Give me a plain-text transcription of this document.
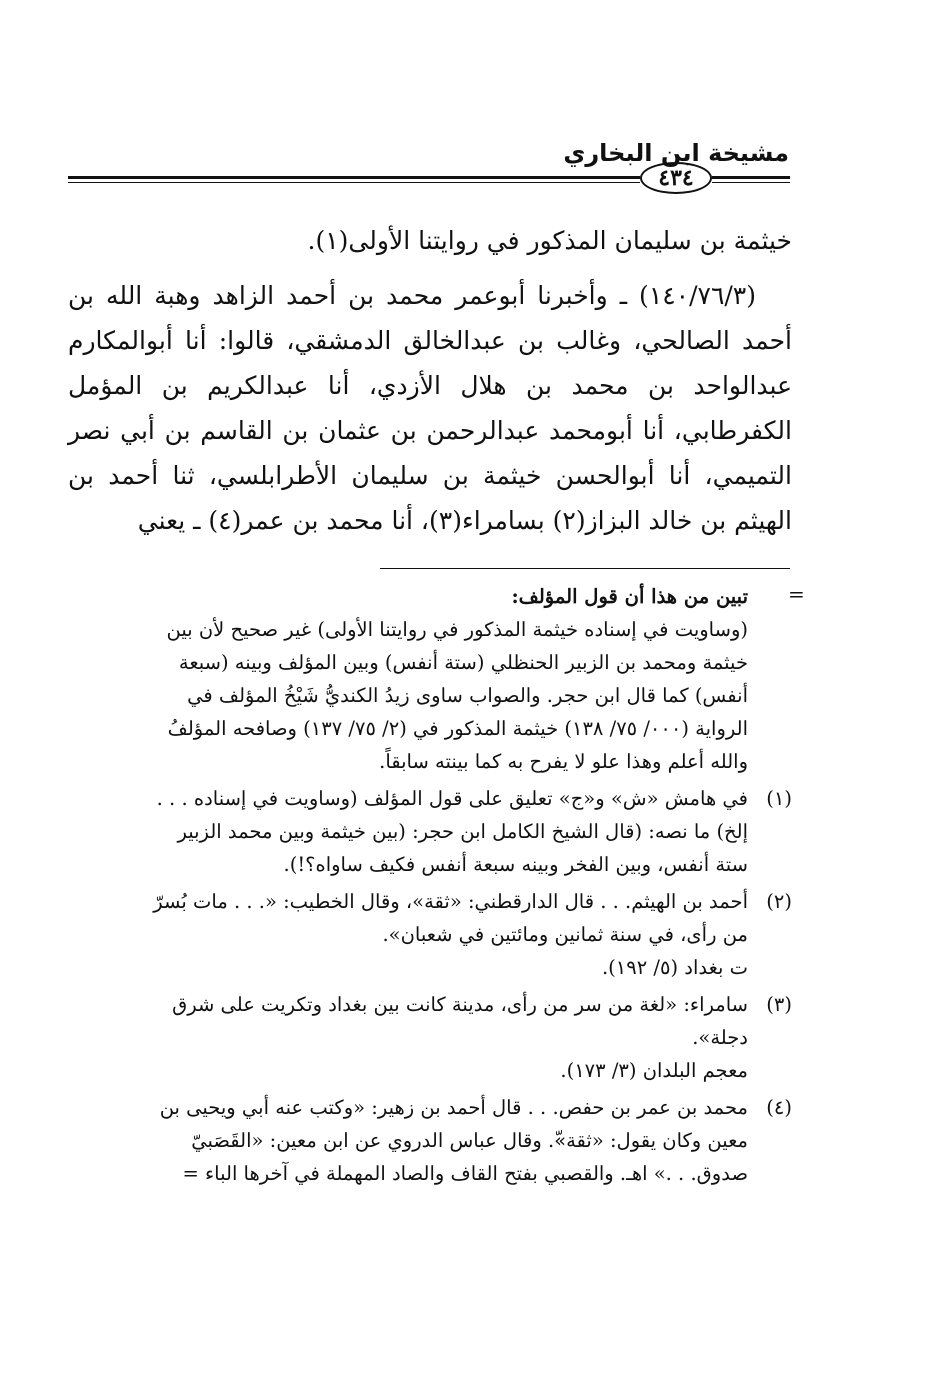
مشيخة ابن البخاري
٤٣٤

خيثمة بن سليمان المذكور في روايتنا الأولى(١).

(١٤٠/٧٦/٣) ـ وأخبرنا أبوعمر محمد بن أحمد الزاهد وهبة الله بن أحمد الصالحي، وغالب بن عبدالخالق الدمشقي، قالوا: أنا أبوالمكارم عبدالواحد بن محمد بن هلال الأزدي، أنا عبدالكريم بن المؤمل الكفرطابي، أنا أبومحمد عبدالرحمن بن عثمان بن القاسم بن أبي نصر التميمي، أنا أبوالحسن خيثمة بن سليمان الأطرابلسي، ثنا أحمد بن الهيثم بن خالد البزاز(٢) بسامراء(٣)، أنا محمد بن عمر(٤) ـ يعني

=
تبين من هذا أن قول المؤلف:
(وساويت في إسناده خيثمة المذكور في روايتنا الأولى) غير صحيح لأن بين
خيثمة ومحمد بن الزبير الحنظلي (ستة أنفس) وبين المؤلف وبينه (سبعة
أنفس) كما قال ابن حجر. والصواب ساوى زيدُ الكنديُّ شَيْخُ المؤلف في
الرواية (٠٠٠/ ٧٥/ ١٣٨) خيثمة المذكور في (٢/ ٧٥/ ١٣٧) وصافحه المؤلفُ
والله أعلم وهذا علو لا يفرح به كما بينته سابقاً.
(١)
في هامش «ش» و«ج» تعليق على قول المؤلف (وساويت في إسناده . . .
إلخ) ما نصه: (قال الشيخ الكامل ابن حجر: (بين خيثمة وبين محمد الزبير
ستة أنفس، وبين الفخر وبينه سبعة أنفس فكيف ساواه؟!).
(٢)
أحمد بن الهيثم. . . قال الدارقطني: «ثقة»، وقال الخطيب: «. . . مات بُسرّ
من رأى، في سنة ثمانين ومائتين في شعبان».
ت بغداد (٥/ ١٩٢).
(٣)
سامراء: «لغة من سر من رأى، مدينة كانت بين بغداد وتكريت على شرق
دجلة».
معجم البلدان (٣/ ١٧٣).
(٤)
محمد بن عمر بن حفص. . . قال أحمد بن زهير: «وكتب عنه أبي ويحيى بن
معين وكان يقول: «ثقة»ّ. وقال عباس الدروي عن ابن معين: «القَصَبيّ
صدوق. . .» اهـ. والقصبي بفتح القاف والصاد المهملة في آخرها الباء =
